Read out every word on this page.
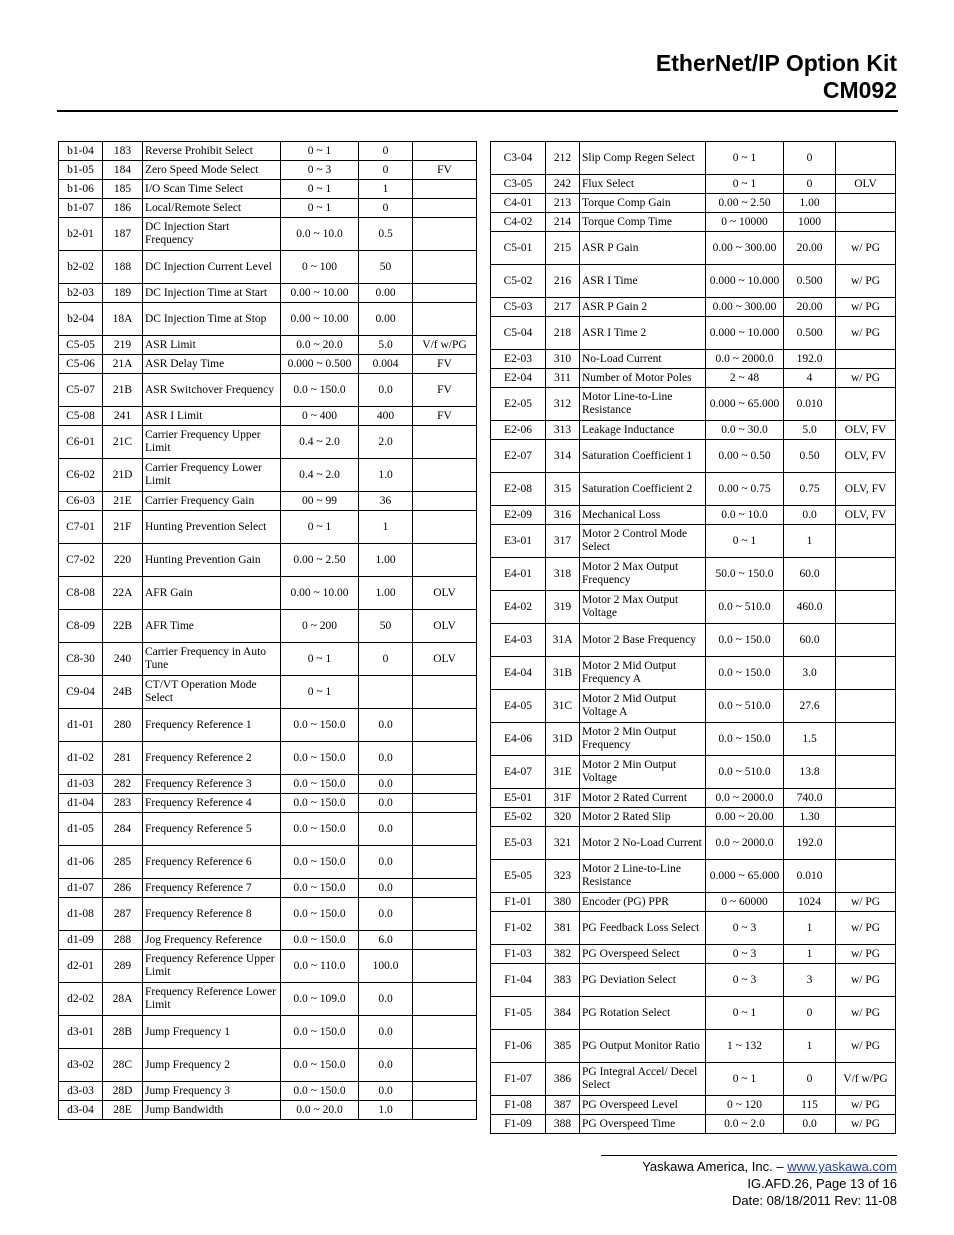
EtherNet/IP Option Kit
CM092
b1-04	183	Reverse Prohibit Select	0 ~ 1	0	
b1-05	184	Zero Speed Mode Select	0 ~ 3	0	FV
b1-06	185	I/O Scan Time Select	0 ~ 1	1	
b1-07	186	Local/Remote Select	0 ~ 1	0	
b2-01	187	DC Injection Start Frequency	0.0 ~ 10.0	0.5	
b2-02	188	DC Injection Current Level	0 ~ 100	50	
b2-03	189	DC Injection Time at Start	0.00 ~ 10.00	0.00	
b2-04	18A	DC Injection Time at Stop	0.00 ~ 10.00	0.00	
C5-05	219	ASR Limit	0.0 ~ 20.0	5.0	V/f w/PG
C5-06	21A	ASR Delay Time	0.000 ~ 0.500	0.004	FV
C5-07	21B	ASR Switchover Frequency	0.0 ~ 150.0	0.0	FV
C5-08	241	ASR I Limit	0 ~ 400	400	FV
C6-01	21C	Carrier Frequency Upper Limit	0.4 ~ 2.0	2.0	
C6-02	21D	Carrier Frequency Lower Limit	0.4 ~ 2.0	1.0	
C6-03	21E	Carrier Frequency Gain	00 ~ 99	36	
C7-01	21F	Hunting Prevention Select	0 ~ 1	1	
C7-02	220	Hunting Prevention Gain	0.00 ~ 2.50	1.00	
C8-08	22A	AFR Gain	0.00 ~ 10.00	1.00	OLV
C8-09	22B	AFR Time	0 ~ 200	50	OLV
C8-30	240	Carrier Frequency in Auto Tune	0 ~ 1	0	OLV
C9-04	24B	CT/VT Operation Mode Select	0 ~ 1		
d1-01	280	Frequency Reference 1	0.0 ~ 150.0	0.0	
d1-02	281	Frequency Reference 2	0.0 ~ 150.0	0.0	
d1-03	282	Frequency Reference 3	0.0 ~ 150.0	0.0	
d1-04	283	Frequency Reference 4	0.0 ~ 150.0	0.0	
d1-05	284	Frequency Reference 5	0.0 ~ 150.0	0.0	
d1-06	285	Frequency Reference 6	0.0 ~ 150.0	0.0	
d1-07	286	Frequency Reference 7	0.0 ~ 150.0	0.0	
d1-08	287	Frequency Reference 8	0.0 ~ 150.0	0.0	
d1-09	288	Jog Frequency Reference	0.0 ~ 150.0	6.0	
d2-01	289	Frequency Reference Upper Limit	0.0 ~ 110.0	100.0	
d2-02	28A	Frequency Reference Lower Limit	0.0 ~ 109.0	0.0	
d3-01	28B	Jump Frequency 1	0.0 ~ 150.0	0.0	
d3-02	28C	Jump Frequency 2	0.0 ~ 150.0	0.0	
d3-03	28D	Jump Frequency 3	0.0 ~ 150.0	0.0	
d3-04	28E	Jump Bandwidth	0.0 ~ 20.0	1.0	
C3-04	212	Slip Comp Regen Select	0 ~ 1	0	
C3-05	242	Flux Select	0 ~ 1	0	OLV
C4-01	213	Torque Comp Gain	0.00 ~ 2.50	1.00	
C4-02	214	Torque Comp Time	0 ~ 10000	1000	
C5-01	215	ASR P Gain	0.00 ~ 300.00	20.00	w/ PG
C5-02	216	ASR I Time	0.000 ~ 10.000	0.500	w/ PG
C5-03	217	ASR P Gain 2	0.00 ~ 300.00	20.00	w/ PG
C5-04	218	ASR I Time 2	0.000 ~ 10.000	0.500	w/ PG
E2-03	310	No-Load Current	0.0 ~ 2000.0	192.0	
E2-04	311	Number of Motor Poles	2 ~ 48	4	w/ PG
E2-05	312	Motor Line-to-Line Resistance	0.000 ~ 65.000	0.010	
E2-06	313	Leakage Inductance	0.0 ~ 30.0	5.0	OLV, FV
E2-07	314	Saturation Coefficient 1	0.00 ~ 0.50	0.50	OLV, FV
E2-08	315	Saturation Coefficient 2	0.00 ~ 0.75	0.75	OLV, FV
E2-09	316	Mechanical Loss	0.0 ~ 10.0	0.0	OLV, FV
E3-01	317	Motor 2 Control Mode Select	0 ~ 1	1	
E4-01	318	Motor 2 Max Output Frequency	50.0 ~ 150.0	60.0	
E4-02	319	Motor 2 Max Output Voltage	0.0 ~ 510.0	460.0	
E4-03	31A	Motor 2 Base Frequency	0.0 ~ 150.0	60.0	
E4-04	31B	Motor 2 Mid Output Frequency A	0.0 ~ 150.0	3.0	
E4-05	31C	Motor 2 Mid Output Voltage A	0.0 ~ 510.0	27.6	
E4-06	31D	Motor 2 Min Output Frequency	0.0 ~ 150.0	1.5	
E4-07	31E	Motor 2 Min Output Voltage	0.0 ~ 510.0	13.8	
E5-01	31F	Motor 2 Rated Current	0.0 ~ 2000.0	740.0	
E5-02	320	Motor 2 Rated Slip	0.00 ~ 20.00	1.30	
E5-03	321	Motor 2 No-Load Current	0.0 ~ 2000.0	192.0	
E5-05	323	Motor 2 Line-to-Line Resistance	0.000 ~ 65.000	0.010	
F1-01	380	Encoder (PG) PPR	0 ~ 60000	1024	w/ PG
F1-02	381	PG Feedback Loss Select	0 ~ 3	1	w/ PG
F1-03	382	PG Overspeed Select	0 ~ 3	1	w/ PG
F1-04	383	PG Deviation Select	0 ~ 3	3	w/ PG
F1-05	384	PG Rotation Select	0 ~ 1	0	w/ PG
F1-06	385	PG Output Monitor Ratio	1 ~ 132	1	w/ PG
F1-07	386	PG Integral Accel/ Decel Select	0 ~ 1	0	V/f w/PG
F1-08	387	PG Overspeed Level	0 ~ 120	115	w/ PG
F1-09	388	PG Overspeed Time	0.0 ~ 2.0	0.0	w/ PG
Yaskawa America, Inc. – www.yaskawa.com
IG.AFD.26, Page 13 of 16
Date: 08/18/2011 Rev: 11-08
